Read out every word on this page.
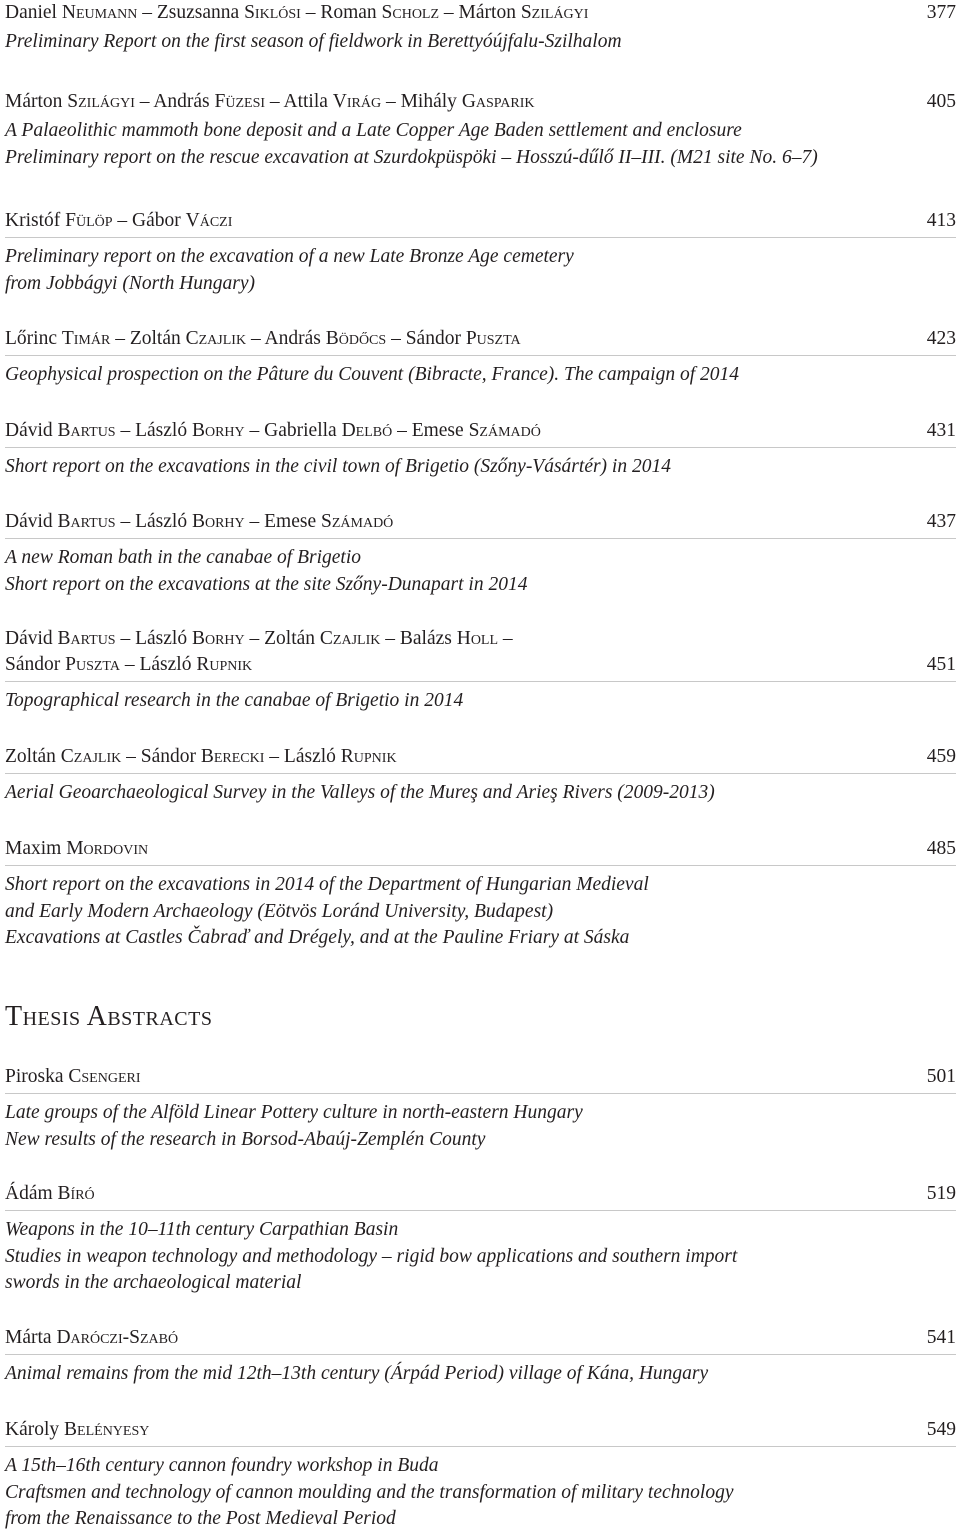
Daniel Neumann – Zsuzsanna Siklósi – Roman Scholz – Márton Szilágyi	377
Preliminary Report on the first season of fieldwork in Berettyóújfalu-Szilhalom
Márton Szilágyi – András Füzesi – Attila Virág – Mihály Gasparik	405
A Palaeolithic mammoth bone deposit and a Late Copper Age Baden settlement and enclosure
Preliminary report on the rescue excavation at Szurdokpüspöki – Hosszú-dűlő II–III. (M21 site No. 6–7)
Kristóf Fülöp – Gábor Váczi	413
Preliminary report on the excavation of a new Late Bronze Age cemetery
from Jobbágyi (North Hungary)
Lőrinc Timár – Zoltán Czajlik – András Bödőcs – Sándor Puszta	423
Geophysical prospection on the Pâture du Couvent (Bibracte, France). The campaign of 2014
Dávid Bartus – László Borhy – Gabriella Delbó – Emese Számadó	431
Short report on the excavations in the civil town of Brigetio (Szőny-Vásártér) in 2014
Dávid Bartus – László Borhy – Emese Számadó	437
A new Roman bath in the canabae of Brigetio
Short report on the excavations at the site Szőny-Dunapart in 2014
Dávid Bartus – László Borhy – Zoltán Czajlik – Balázs Holl –
Sándor Puszta – László Rupnik	451
Topographical research in the canabae of Brigetio in 2014
Zoltán Czajlik – Sándor Berecki – László Rupnik	459
Aerial Geoarchaeological Survey in the Valleys of the Mureş and Arieş Rivers (2009-2013)
Maxim Mordovin	485
Short report on the excavations in 2014 of the Department of Hungarian Medieval
and Early Modern Archaeology (Eötvös Loránd University, Budapest)
Excavations at Castles Čabraď and Drégely, and at the Pauline Friary at Sáska
Thesis Abstracts
Piroska Csengeri	501
Late groups of the Alföld Linear Pottery culture in north-eastern Hungary
New results of the research in Borsod-Abaúj-Zemplén County
Ádám Bíró	519
Weapons in the 10–11th century Carpathian Basin
Studies in weapon technology and methodology – rigid bow applications and southern import
swords in the archaeological material
Márta Daróczi-Szabó	541
Animal remains from the mid 12th–13th century (Árpád Period) village of Kána, Hungary
Károly Belényesy	549
A 15th–16th century cannon foundry workshop in Buda
Craftsmen and technology of cannon moulding and the transformation of military technology
from the Renaissance to the Post Medieval Period
